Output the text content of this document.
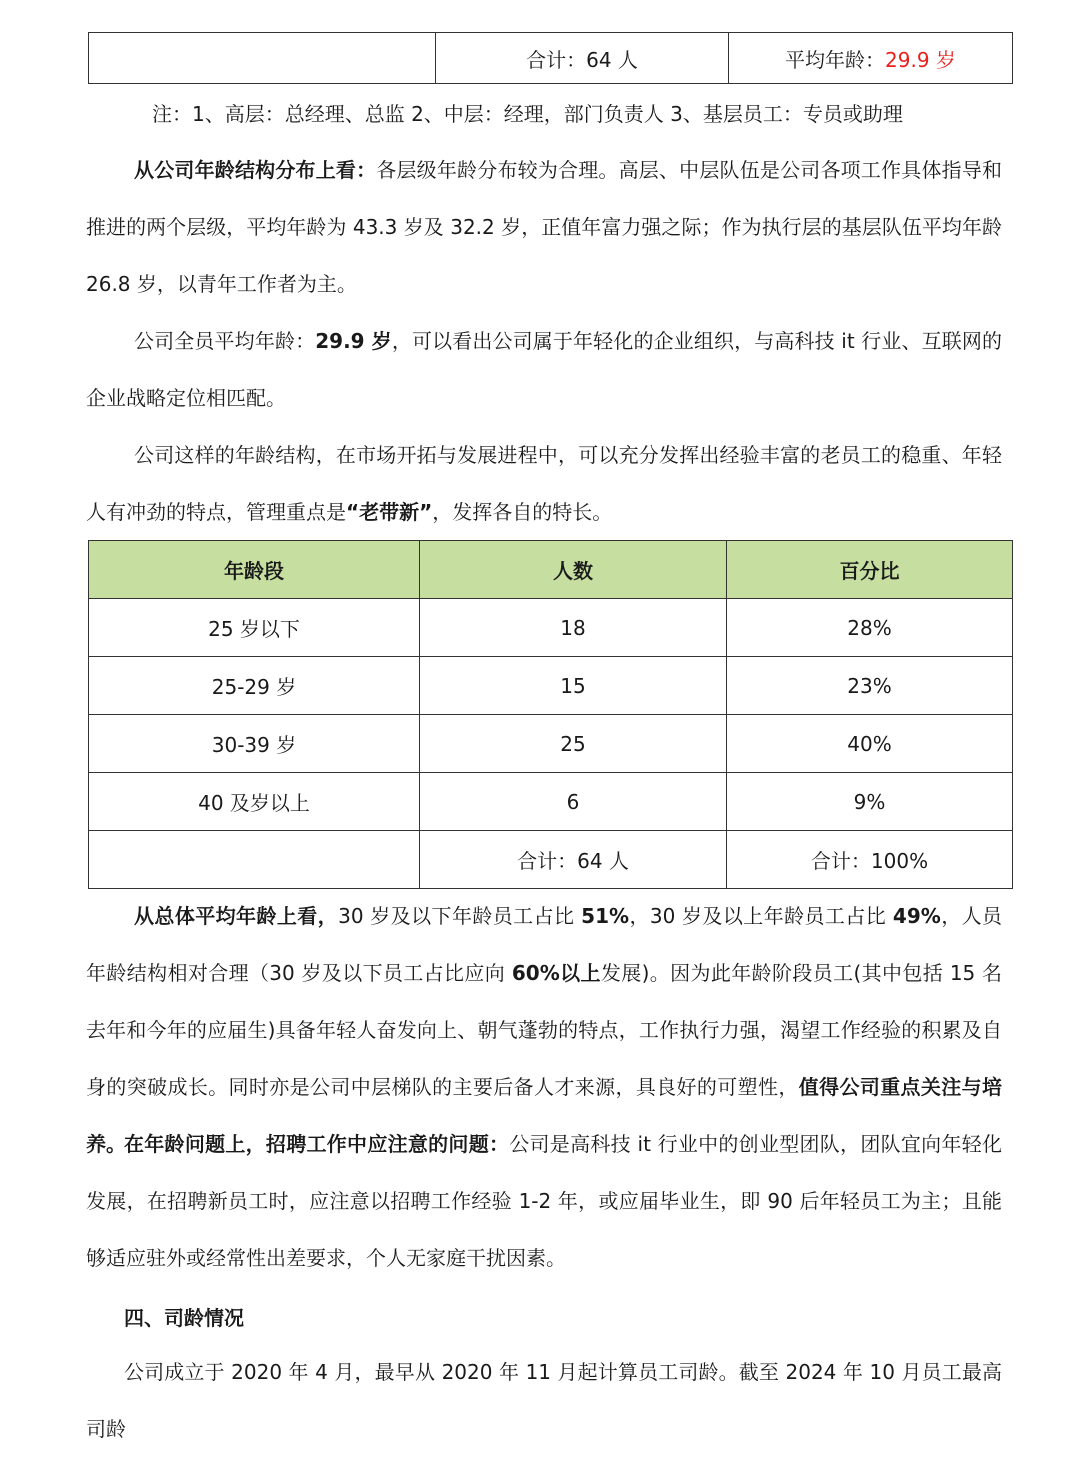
	合计：64 人	平均年龄：29.9 岁
注：1、高层：总经理、总监 2、中层：经理，部门负责人 3、基层员工：专员或助理

从公司年龄结构分布上看：各层级年龄分布较为合理。高层、中层队伍是公司各项工作具体指导和推进的两个层级，平均年龄为 43.3 岁及 32.2 岁，正值年富力强之际；作为执行层的基层队伍平均年龄 26.8 岁，以青年工作者为主。

公司全员平均年龄：29.9 岁，可以看出公司属于年轻化的企业组织，与高科技 it 行业、互联网的企业战略定位相匹配。

公司这样的年龄结构，在市场开拓与发展进程中，可以充分发挥出经验丰富的老员工的稳重、年轻人有冲劲的特点，管理重点是“老带新”，发挥各自的特长。

年龄段	人数	百分比
25 岁以下	18	28%
25-29 岁	15	23%
30-39 岁	25	40%
40 及岁以上	6	9%
	合计：64 人	合计：100%

从总体平均年龄上看，30 岁及以下年龄员工占比 51%，30 岁及以上年龄员工占比 49%，人员年龄结构相对合理（30 岁及以下员工占比应向 60%以上发展)。因为此年龄阶段员工(其中包括 15 名去年和今年的应届生)具备年轻人奋发向上、朝气蓬勃的特点，工作执行力强，渴望工作经验的积累及自身的突破成长。同时亦是公司中层梯队的主要后备人才来源，具良好的可塑性，值得公司重点关注与培养。

在年龄问题上，招聘工作中应注意的问题：公司是高科技 it 行业中的创业型团队，团队宜向年轻化发展，在招聘新员工时，应注意以招聘工作经验 1-2 年，或应届毕业生，即 90 后年轻员工为主；且能够适应驻外或经常性出差要求，个人无家庭干扰因素。

四、司龄情况

公司成立于 2020 年 4 月，最早从 2020 年 11 月起计算员工司龄。截至 2024 年 10 月员工最高司龄
